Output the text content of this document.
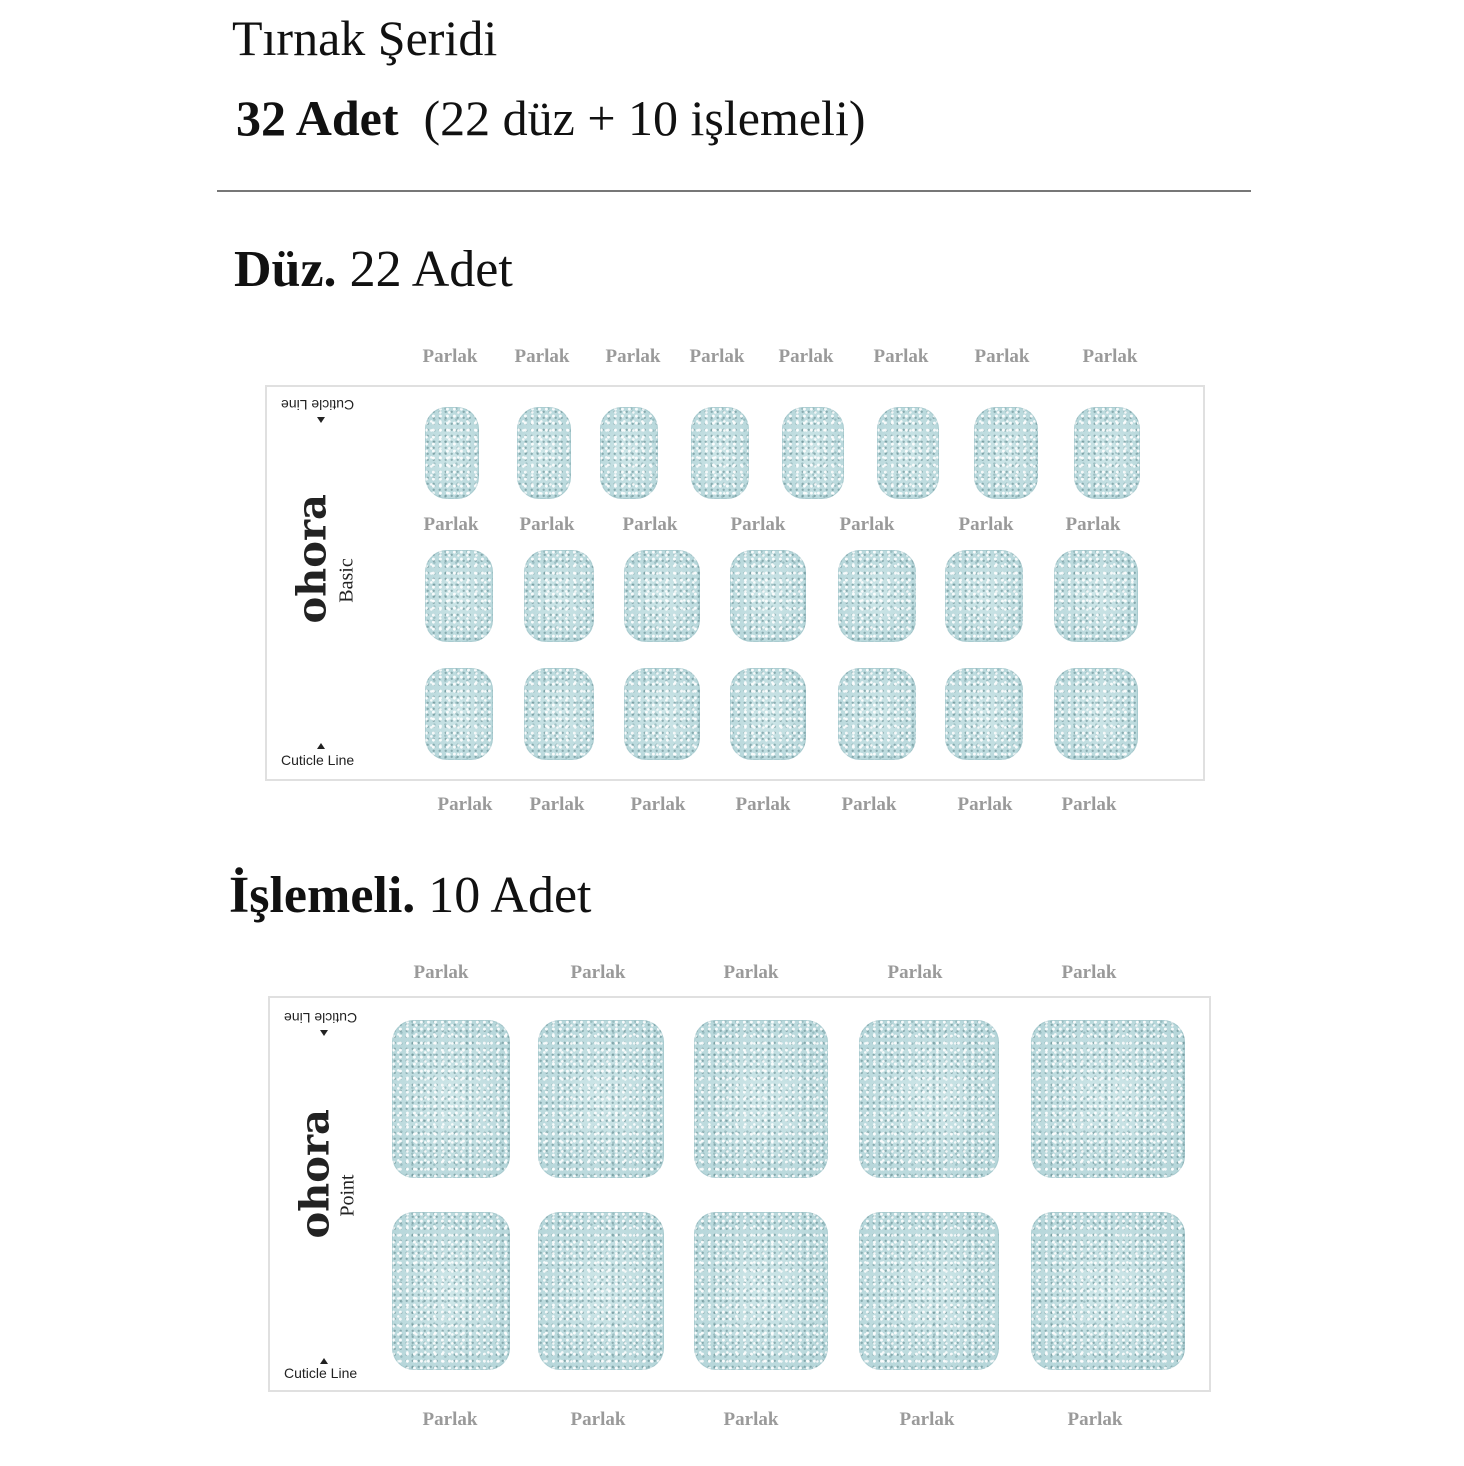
Tırnak Şeridi
32 Adet (22 düz + 10 işlemeli)
Düz. 22 Adet
Cuticle Line
ohora Basic
Cuticle Line
İşlemeli. 10 Adet
Cuticle Line
ohora
Point
Cuticle Line
Parlak Parlak Parlak Parlak Parlak Parlak Parlak	Parlak
Parlak Parlak	Parlak	Parlak	Parlak	Parlak	Parlak
Parlak Parlak Parlak	Parlak	Parlak	Parlak	Parlak
Parlak	Parlak	Parlak	Parlak	Parlak
Parlak	Parlak	Parlak	Parlak	Parlak
